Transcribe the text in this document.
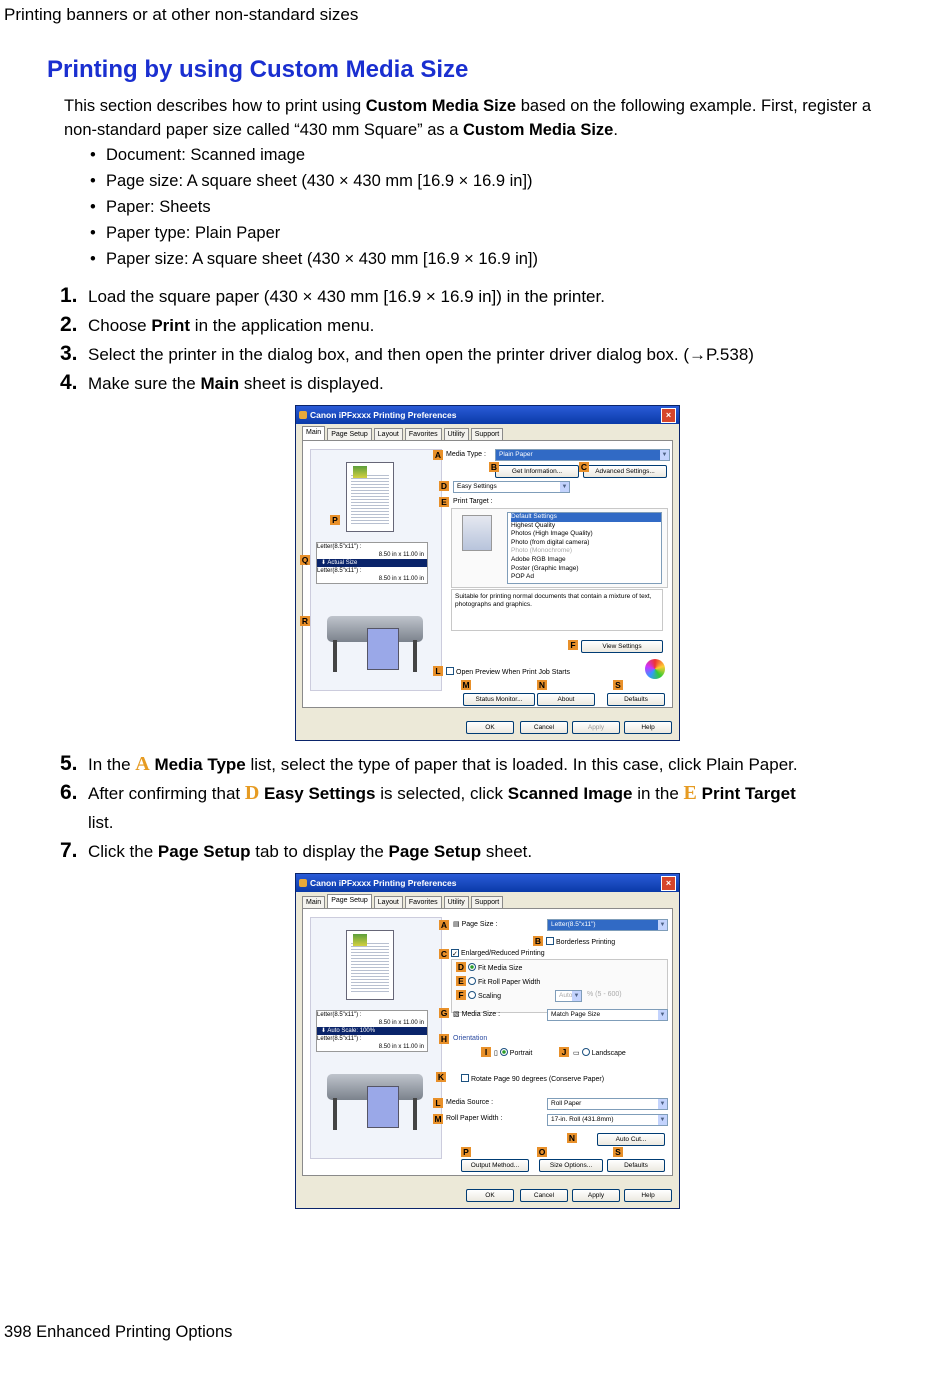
Printing banners or at other non-standard sizes
Printing by using Custom Media Size
This section describes how to print using Custom Media Size based on the following example. First, register a non-standard paper size called “430 mm Square” as a Custom Media Size.
• Document: Scanned image
• Page size: A square sheet (430 × 430 mm [16.9 × 16.9 in])
• Paper: Sheets
• Paper type: Plain Paper
• Paper size: A square sheet (430 × 430 mm [16.9 × 16.9 in])
1. Load the square paper (430 × 430 mm [16.9 × 16.9 in]) in the printer.
2. Choose Print in the application menu.
3. Select the printer in the dialog box, and then open the printer driver dialog box. (→P.538)
4. Make sure the Main sheet is displayed.
Canon iPFxxxx Printing Preferences	×
Main	Page Setup	Layout	Favorites	Utility	Support
Letter(8.5"x11") :
8.50 in x 11.00 in
⬇ Actual Size
Letter(8.5"x11") :
8.50 in x 11.00 in
P
Q
R
A Media Type :	Plain Paper ▼
B	Get Information...	C	Advanced Settings...
D	Easy Settings ▼
E Print Target :
Default Settings
Highest Quality
Photos (High Image Quality)
Photo (from digital camera)
Photo (Monochrome)
Adobe RGB Image
Poster (Graphic Image)
POP Ad
Suitable for printing normal documents that contain a mixture of text, photographs and graphics.
F	View Settings
L	Open Preview When Print Job Starts
M	N	S
Status Monitor...	About	Defaults
OK	Cancel	Apply	Help
5. In the A Media Type list, select the type of paper that is loaded. In this case, click Plain Paper.
6. After confirming that D Easy Settings is selected, click Scanned Image in the E Print Target
list.
7. Click the Page Setup tab to display the Page Setup sheet.
Canon iPFxxxx Printing Preferences	×
Main	Page Setup	Layout	Favorites	Utility	Support
Letter(8.5"x11") :
8.50 in x 11.00 in
⬇ Auto Scale: 100%
Letter(8.5"x11") :
8.50 in x 11.00 in
A ▤ Page Size :	Letter(8.5"x11") ▼
B	Borderless Printing
C ✓ Enlarged/Reduced Printing
D	Fit Media Size
E	Fit Roll Paper Width
F	Scaling	Auto ▼	% (5 - 600)
G ▧ Media Size :	Match Page Size ▼
H Orientation
I ▯ Portrait	J ▭ Landscape
K	Rotate Page 90 degrees (Conserve Paper)
L Media Source :	Roll Paper ▼
M Roll Paper Width :	17-in. Roll (431.8mm) ▼
N	Auto Cut...
P	O	S
Output Method...	Size Options...	Defaults
OK	Cancel	Apply	Help
398 Enhanced Printing Options
